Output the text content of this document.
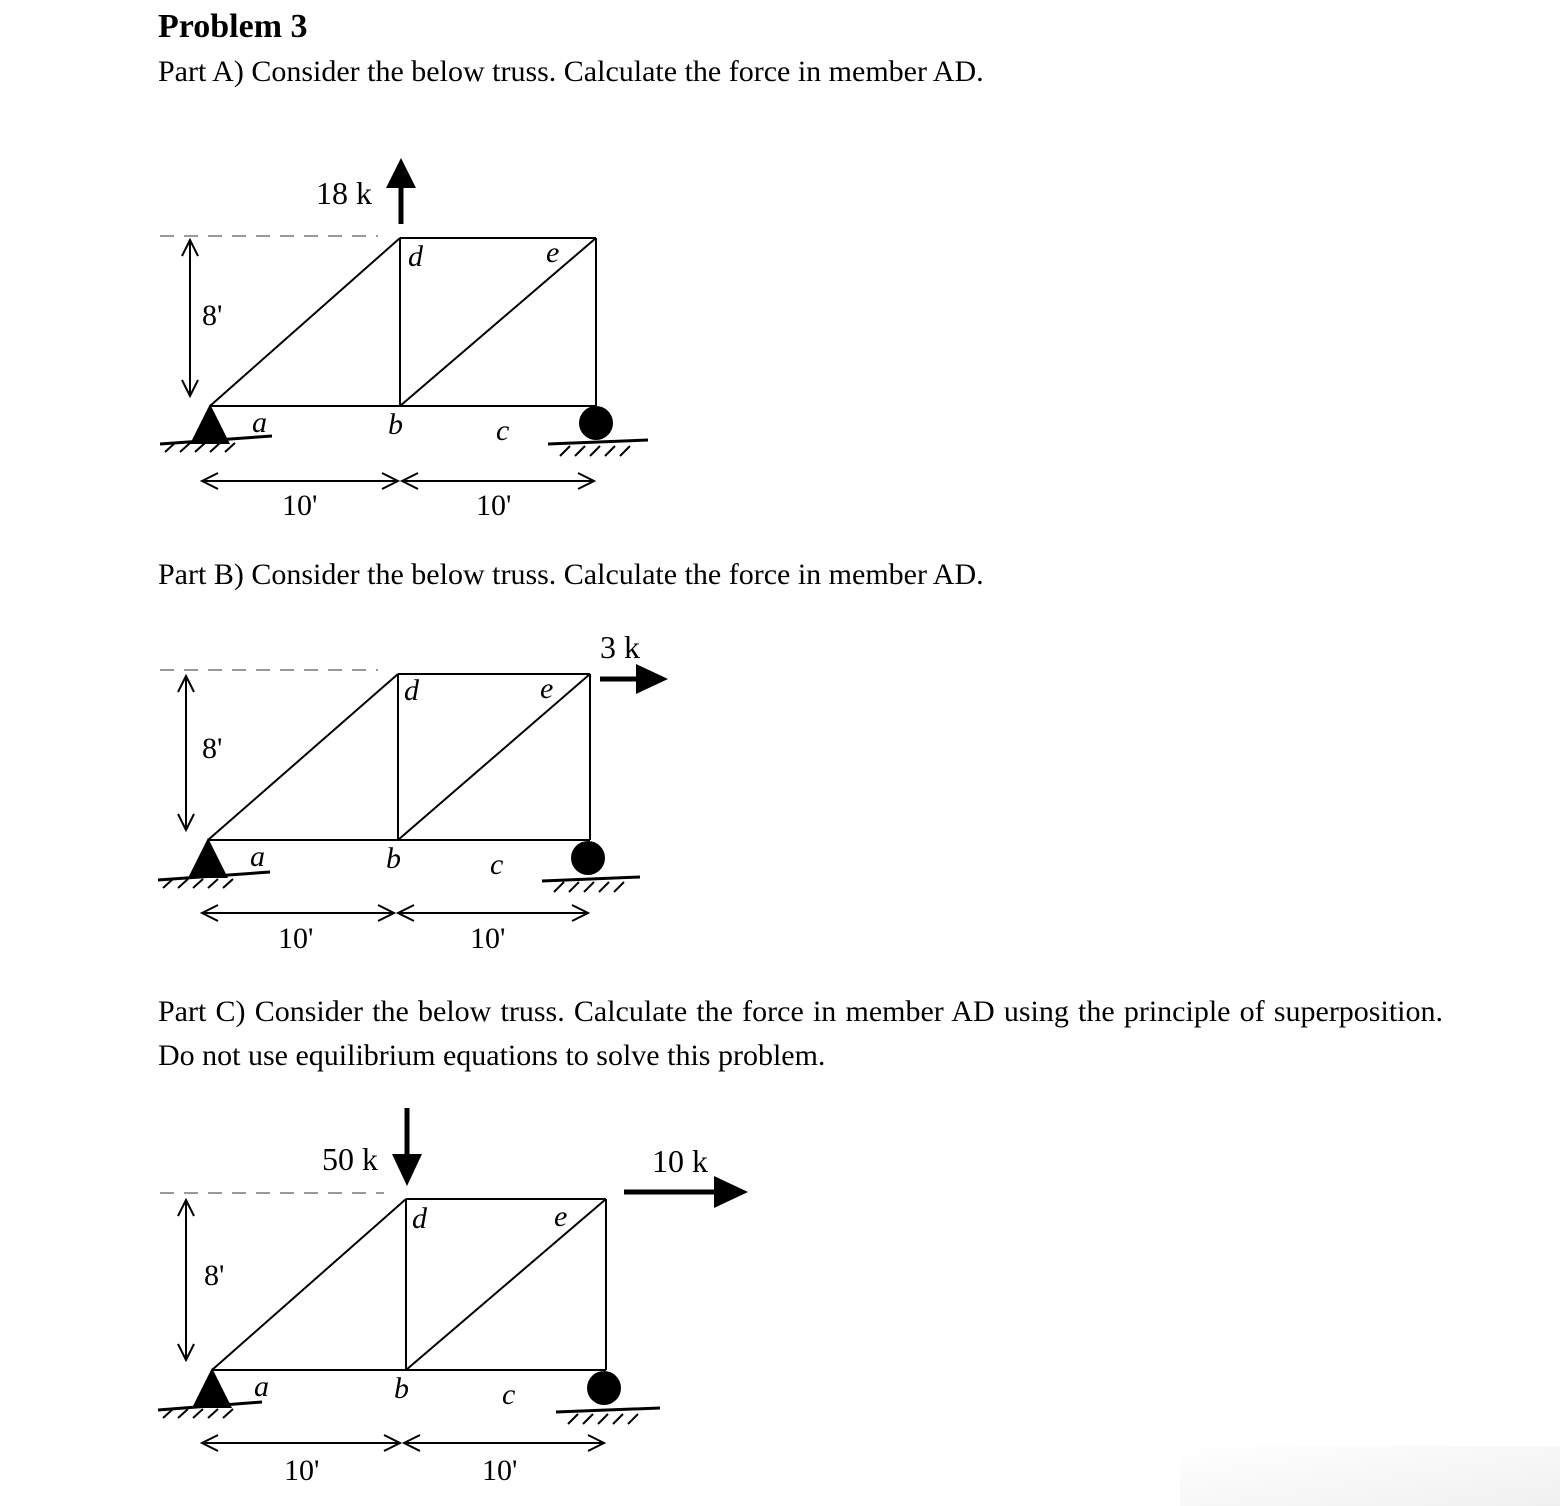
Problem 3

Part A) Consider the below truss. Calculate the force in member AD.

8'
a	b	c
d	e
10'	10'
18 k

Part B) Consider the below truss. Calculate the force in member AD.

8'
a	b	c
d	e
10'	10'
3 k

Part C) Consider the below truss. Calculate the force in member AD using the principle of superposition. Do not use equilibrium equations to solve this problem.

8'
a	b	c
d	e
10'	10'
50 k	10 k
